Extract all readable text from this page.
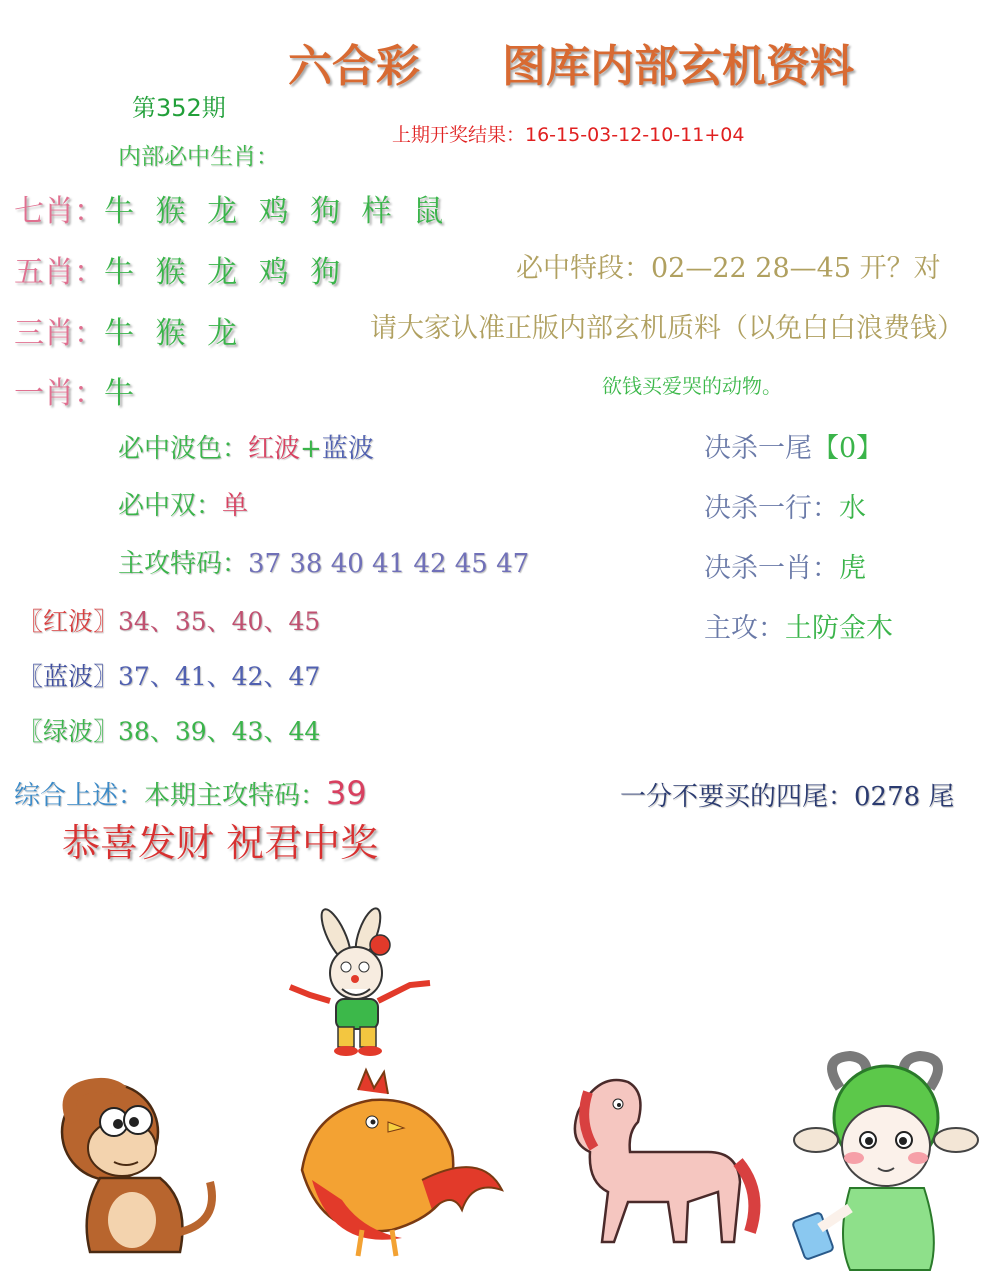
六合彩 图库内部玄机资料
第352期
上期开奖结果：16-15-03-12-10-11+04
内部必中生肖：
七肖：牛 猴 龙 鸡 狗 样 鼠
五肖：牛 猴 龙 鸡 狗
三肖：牛 猴 龙
一肖：牛
必中特段：02—22 28—45 开？对
请大家认准正版内部玄机质料（以免白白浪费钱）
欲钱买爱哭的动物。
必中波色：红波+蓝波
必中双：单
主攻特码：37 38 40 41 42 45 47
〖红波〗34、35、40、45
〖蓝波〗37、41、42、47
〖绿波〗38、39、43、44
决杀一尾【0】
决杀一行：水
决杀一肖：虎
主攻：土防金木
综合上述：本期主攻特码：39	一分不要买的四尾：0278 尾
恭喜发财 祝君中奖
